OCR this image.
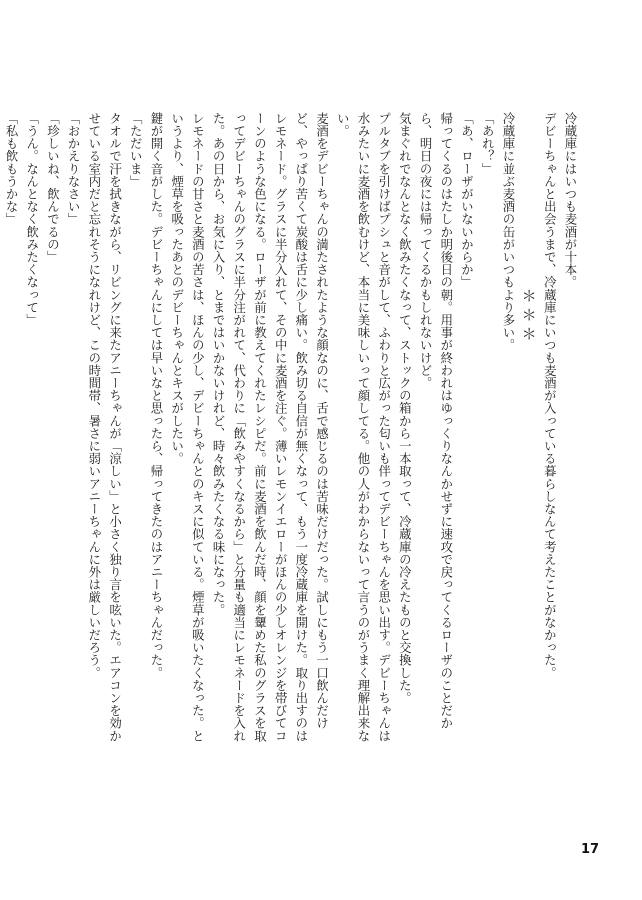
冷蔵庫にはいつも麦酒が十本。

デビーちゃんと出会うまで、冷蔵庫にいつも麦酒が入っている暮らしなんて考えたことがなかった。

＊＊＊

冷蔵庫に並ぶ麦酒の缶がいつもより多い。

「あれ？」

「あ、ローザがいないからか」

帰ってくるのはたしか明後日の朝。用事が終われはゆっくりなんかせずに速攻で戻ってくるローザのことだから、明日の夜には帰ってくるかもしれないけど。

気まぐれでなんとなく飲みたくなって、ストックの箱から一本取って、冷蔵庫の冷えたものと交換した。

プルタブを引けばプシュと音がして、ふわりと広がった匂いも伴ってデビーちゃんを思い出す。デビーちゃんは水みたいに麦酒を飲むけど、本当に美味しいって顔してる。他の人がわからないって言うのがうまく理解出来ない。

麦酒をデビーちゃんの満たされたような顔なのに、舌で感じるのは苦味だけだった。試しにもう一口飲んだけど、やっぱり苦くて炭酸は舌に少し痛い。飲み切る自信が無くなって、もう一度冷蔵庫を開けた。取り出すのはレモネード。グラスに半分入れて、その中に麦酒を注ぐ。薄いレモンイエローがほんの少しオレンジを帯びてコーンのような色になる。ローザが前に教えてくれたレシピだ。前に麦酒を飲んだ時、顔を顰めた私のグラスを取ってデビーちゃんのグラスに半分注がれて、代わりに「飲みやすくなるから」と分量も適当にレモネードを入れた。あの日から、お気に入り、とまではいかないけれど、時々飲みたくなる味になった。

レモネードの甘さと麦酒の苦さは、ほんの少し、デビーちゃんとのキスに似ている。煙草が吸いたくなった。というより、煙草を吸ったあとのデビーちゃんとキスがしたい。

鍵が開く音がした。デビーちゃんにしては早いなと思ったら、帰ってきたのはアニーちゃんだった。

「ただいま」

タオルで汗を拭きながら、リビングに来たアニーちゃんが「涼しい」と小さく独り言を呟いた。エアコンを効かせている室内だと忘れそうになれけど、この時間帯、暑さに弱いアニーちゃんに外は厳しいだろう。

「おかえりなさい」

「珍しいね、飲んでるの」

「うん。なんとなく飲みたくなって」

「私も飲もうかな」

17
